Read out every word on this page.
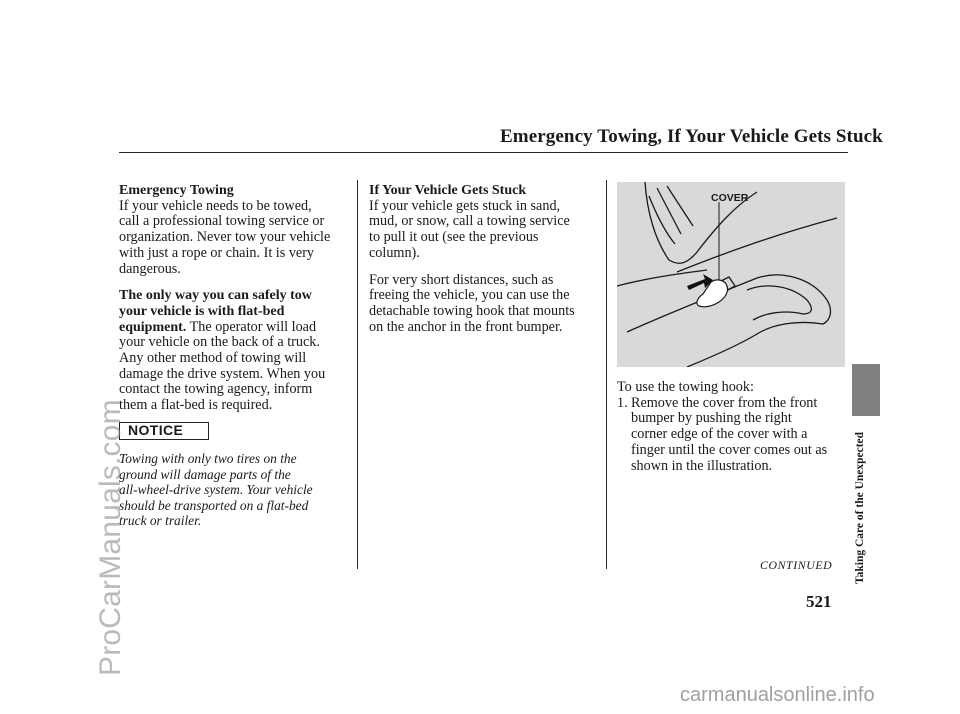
Emergency Towing, If Your Vehicle Gets Stuck
Emergency Towing
If your vehicle needs to be towed,
call a professional towing service or
organization. Never tow your vehicle
with just a rope or chain. It is very
dangerous.
The only way you can safely tow
your vehicle is with flat-bed
equipment. The operator will load
your vehicle on the back of a truck.
Any other method of towing will
damage the drive system. When you
contact the towing agency, inform
them a flat-bed is required.
NOTICE
Towing with only two tires on the
ground will damage parts of the
all-wheel-drive system. Your vehicle
should be transported on a flat-bed
truck or trailer.
If Your Vehicle Gets Stuck
If your vehicle gets stuck in sand,
mud, or snow, call a towing service
to pull it out (see the previous
column).
For very short distances, such as
freeing the vehicle, you can use the
detachable towing hook that mounts
on the anchor in the front bumper.
COVER
To use the towing hook:
1. Remove the cover from the front
bumper by pushing the right
corner edge of the cover with a
finger until the cover comes out as
shown in the illustration.
CONTINUED
521
Taking Care of the Unexpected
ProCarManuals.com
carmanualsonline.info
